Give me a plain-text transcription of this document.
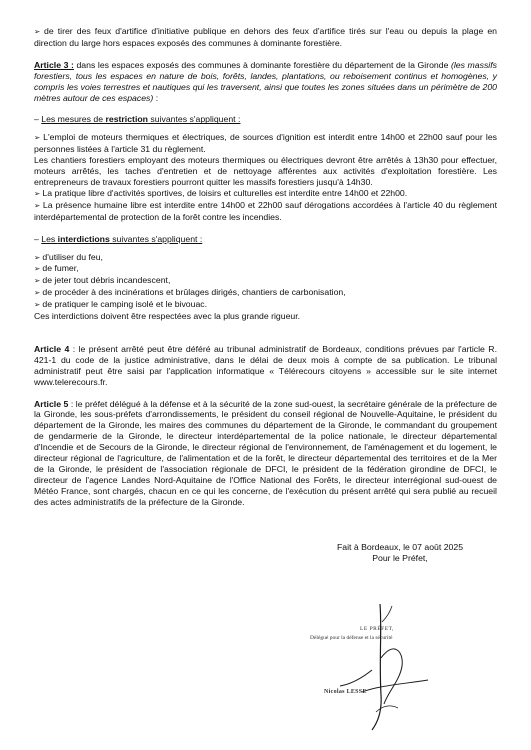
➢ de tirer des feux d'artifice d'initiative publique en dehors des feux d'artifice tirés sur l'eau ou depuis la plage en direction du large hors espaces exposés des communes à dominante forestière.

Article 3 : dans les espaces exposés des communes à dominante forestière du département de la Gironde (les massifs forestiers, tous les espaces en nature de bois, forêts, landes, plantations, ou reboisement continus et homogènes, y compris les voies terrestres et nautiques qui les traversent, ainsi que toutes les zones situées dans un périmètre de 200 mètres autour de ces espaces) :

– Les mesures de restriction suivantes s'appliquent :

➢ L'emploi de moteurs thermiques et électriques, de sources d'ignition est interdit entre 14h00 et 22h00 sauf pour les personnes listées à l'article 31 du règlement.

Les chantiers forestiers employant des moteurs thermiques ou électriques devront être arrêtés à 13h30 pour effectuer, moteurs arrêtés, les taches d'entretien et de nettoyage afférentes aux activités d'exploitation forestière. Les entrepreneurs de travaux forestiers pourront quitter les massifs forestiers jusqu'à 14h30.

➢ La pratique libre d'activités sportives, de loisirs et culturelles est interdite entre 14h00 et 22h00.

➢ La présence humaine libre est interdite entre 14h00 et 22h00 sauf dérogations accordées à l'article 40 du règlement interdépartemental de protection de la forêt contre les incendies.

– Les interdictions suivantes s'appliquent :

➢ d'utiliser du feu,

➢ de fumer,

➢ de jeter tout débris incandescent,

➢ de procéder à des incinérations et brûlages dirigés, chantiers de carbonisation,

➢ de pratiquer le camping isolé et le bivouac.

Ces interdictions doivent être respectées avec la plus grande rigueur.

Article 4 : le présent arrêté peut être déféré au tribunal administratif de Bordeaux, conditions prévues par l'article R. 421-1 du code de la justice administrative, dans le délai de deux mois à compte de sa publication. Le tribunal administratif peut être saisi par l'application informatique « Télérecours citoyens » accessible sur le site internet www.telerecours.fr.

Article 5 : le préfet délégué à la défense et à la sécurité de la zone sud-ouest, la secrétaire générale de la préfecture de la Gironde, les sous-préfets d'arrondissements, le président du conseil régional de Nouvelle-Aquitaine, le président du département de la Gironde, les maires des communes du département de la Gironde, le commandant du groupement de gendarmerie de la Gironde, le directeur interdépartemental de la police nationale, le directeur départemental d'Incendie et de Secours de la Gironde, le directeur régional de l'environnement, de l'aménagement et du logement, le directeur régional de l'agriculture, de l'alimentation et de la forêt, le directeur départemental des territoires et de la Mer de la Gironde, le président de l'association régionale de DFCI, le président de la fédération girondine de DFCI, le directeur de l'agence Landes Nord-Aquitaine de l'Office National des Forêts, le directeur interrégional sud-ouest de Météo France, sont chargés, chacun en ce qui les concerne, de l'exécution du présent arrêté qui sera publié au recueil des actes administratifs de la préfecture de la Gironde.

Fait à Bordeaux, le 07 août 2025
Pour le Préfet,
LE PRÉFET,
Délégué pour la défense et la sécurité
Nicolas LESSE
